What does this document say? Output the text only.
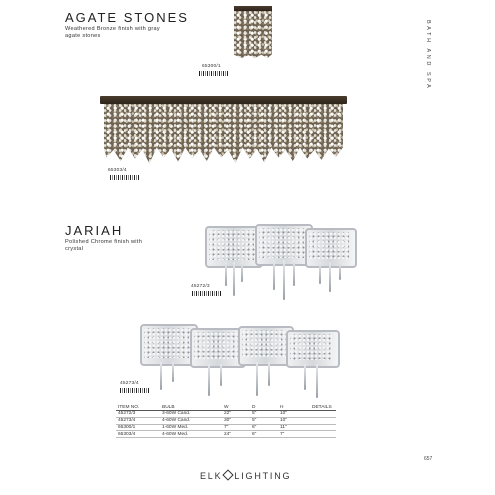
BATH AND SPA
AGATE STONES
Weathered Bronze finish with gray agate stones
65300/1
65303/4
JARIAH
Polished Chrome finish with crystal
45272/3
45273/4
ITEM NO.	BULB	W	D	H	DETAILS
45272/3	3-60W Cand.	22"	5"	10"	
45273/4	4-60W Cand.	30"	5"	10"	
65300/1	1-60W Med.	7"	6"	11"	
65303/4	4-60W Med.	24"	6"	7"	
657
ELK LIGHTING
